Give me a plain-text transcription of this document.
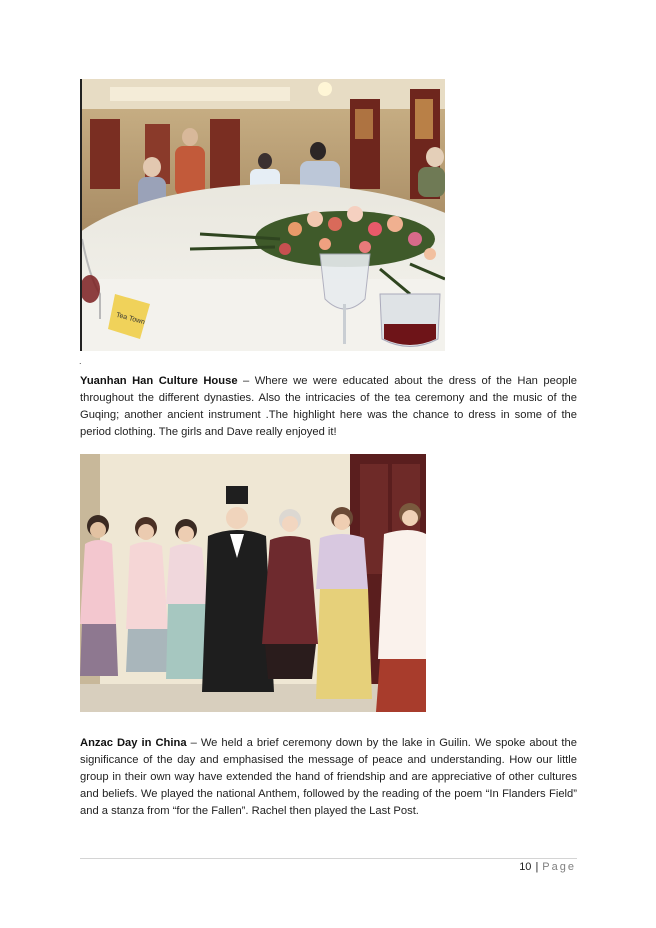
Tea Town
.

Yuanhan Han Culture House – Where we were educated about the dress of the Han people throughout the different dynasties. Also the intricacies of the tea ceremony and the music of the Guqing; another ancient instrument .The highlight here was the chance to dress in some of the period clothing. The girls and Dave really enjoyed it!

Anzac Day in China – We held a brief ceremony down by the lake in Guilin. We spoke about the significance of the day and emphasised the message of peace and understanding. How our little group in their own way have extended the hand of friendship and are appreciative of other cultures and beliefs. We played the national Anthem, followed by the reading of the poem “In Flanders Field” and a stanza from “for the Fallen”. Rachel then played the Last Post.

10 | Page
